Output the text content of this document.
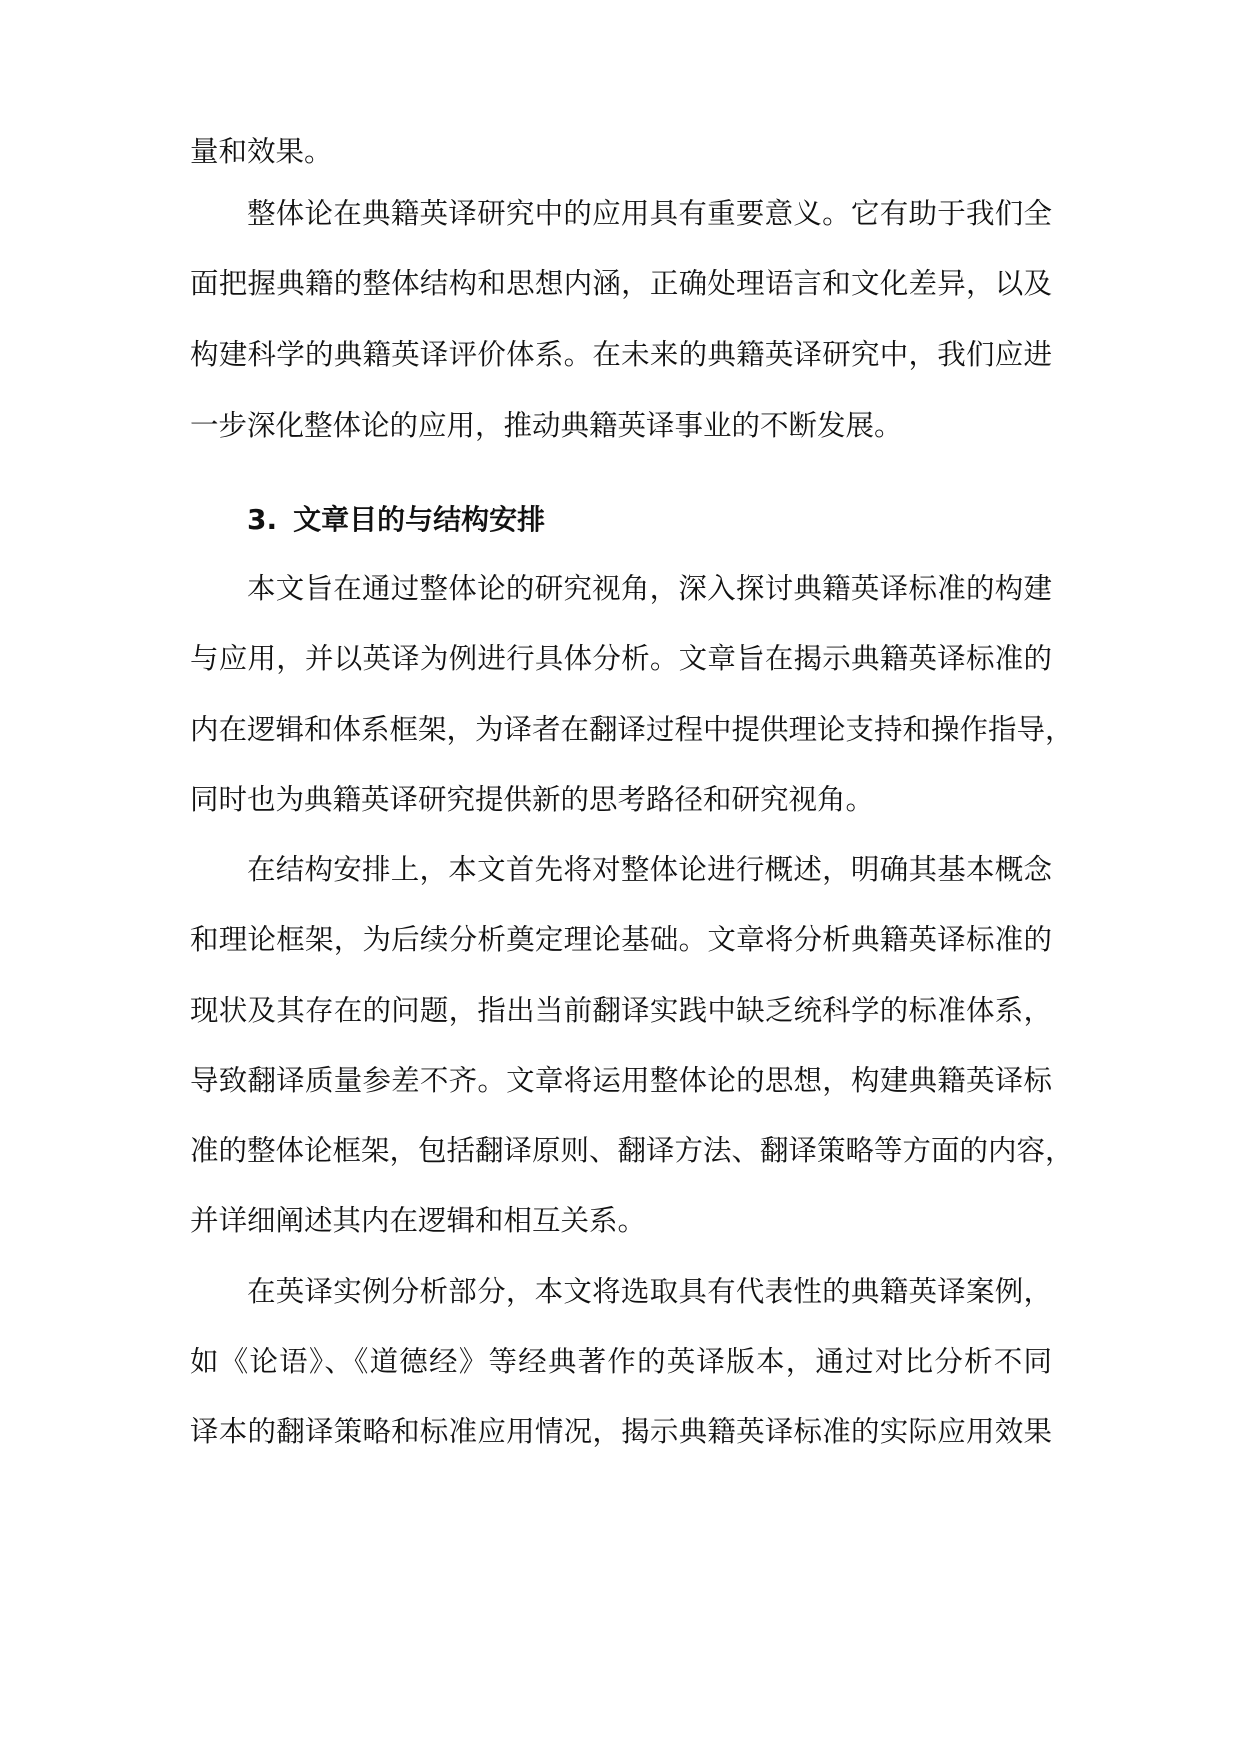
量和效果。
整体论在典籍英译研究中的应用具有重要意义。它有助于我们全
面把握典籍的整体结构和思想内涵，正确处理语言和文化差异，以及
构建科学的典籍英译评价体系。在未来的典籍英译研究中，我们应进
一步深化整体论的应用，推动典籍英译事业的不断发展。
3. 文章目的与结构安排
本文旨在通过整体论的研究视角，深入探讨典籍英译标准的构建
与应用，并以英译为例进行具体分析。文章旨在揭示典籍英译标准的
内在逻辑和体系框架，为译者在翻译过程中提供理论支持和操作指导，
同时也为典籍英译研究提供新的思考路径和研究视角。
在结构安排上，本文首先将对整体论进行概述，明确其基本概念
和理论框架，为后续分析奠定理论基础。文章将分析典籍英译标准的
现状及其存在的问题，指出当前翻译实践中缺乏统科学的标准体系，
导致翻译质量参差不齐。文章将运用整体论的思想，构建典籍英译标
准的整体论框架，包括翻译原则、翻译方法、翻译策略等方面的内容，
并详细阐述其内在逻辑和相互关系。
在英译实例分析部分，本文将选取具有代表性的典籍英译案例，
如《论语》、《道德经》等经典著作的英译版本，通过对比分析不同
译本的翻译策略和标准应用情况，揭示典籍英译标准的实际应用效果
